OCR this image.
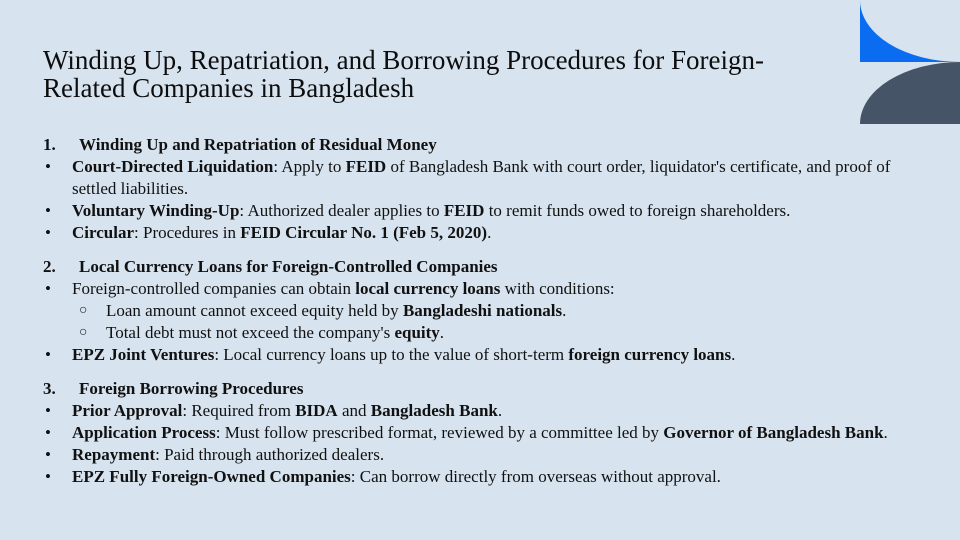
Winding Up, Repatriation, and Borrowing Procedures for Foreign-Related Companies in Bangladesh
1.	Winding Up and Repatriation of Residual Money
•	Court-Directed Liquidation: Apply to FEID of Bangladesh Bank with court order, liquidator's certificate, and proof of settled liabilities.
•	Voluntary Winding-Up: Authorized dealer applies to FEID to remit funds owed to foreign shareholders.
•	Circular: Procedures in FEID Circular No. 1 (Feb 5, 2020).
2.	Local Currency Loans for Foreign-Controlled Companies
•	Foreign-controlled companies can obtain local currency loans with conditions:
○	Loan amount cannot exceed equity held by Bangladeshi nationals.
○	Total debt must not exceed the company's equity.
•	EPZ Joint Ventures: Local currency loans up to the value of short-term foreign currency loans.
3.	Foreign Borrowing Procedures
•	Prior Approval: Required from BIDA and Bangladesh Bank.
•	Application Process: Must follow prescribed format, reviewed by a committee led by Governor of Bangladesh Bank.
•	Repayment: Paid through authorized dealers.
•	EPZ Fully Foreign-Owned Companies: Can borrow directly from overseas without approval.
